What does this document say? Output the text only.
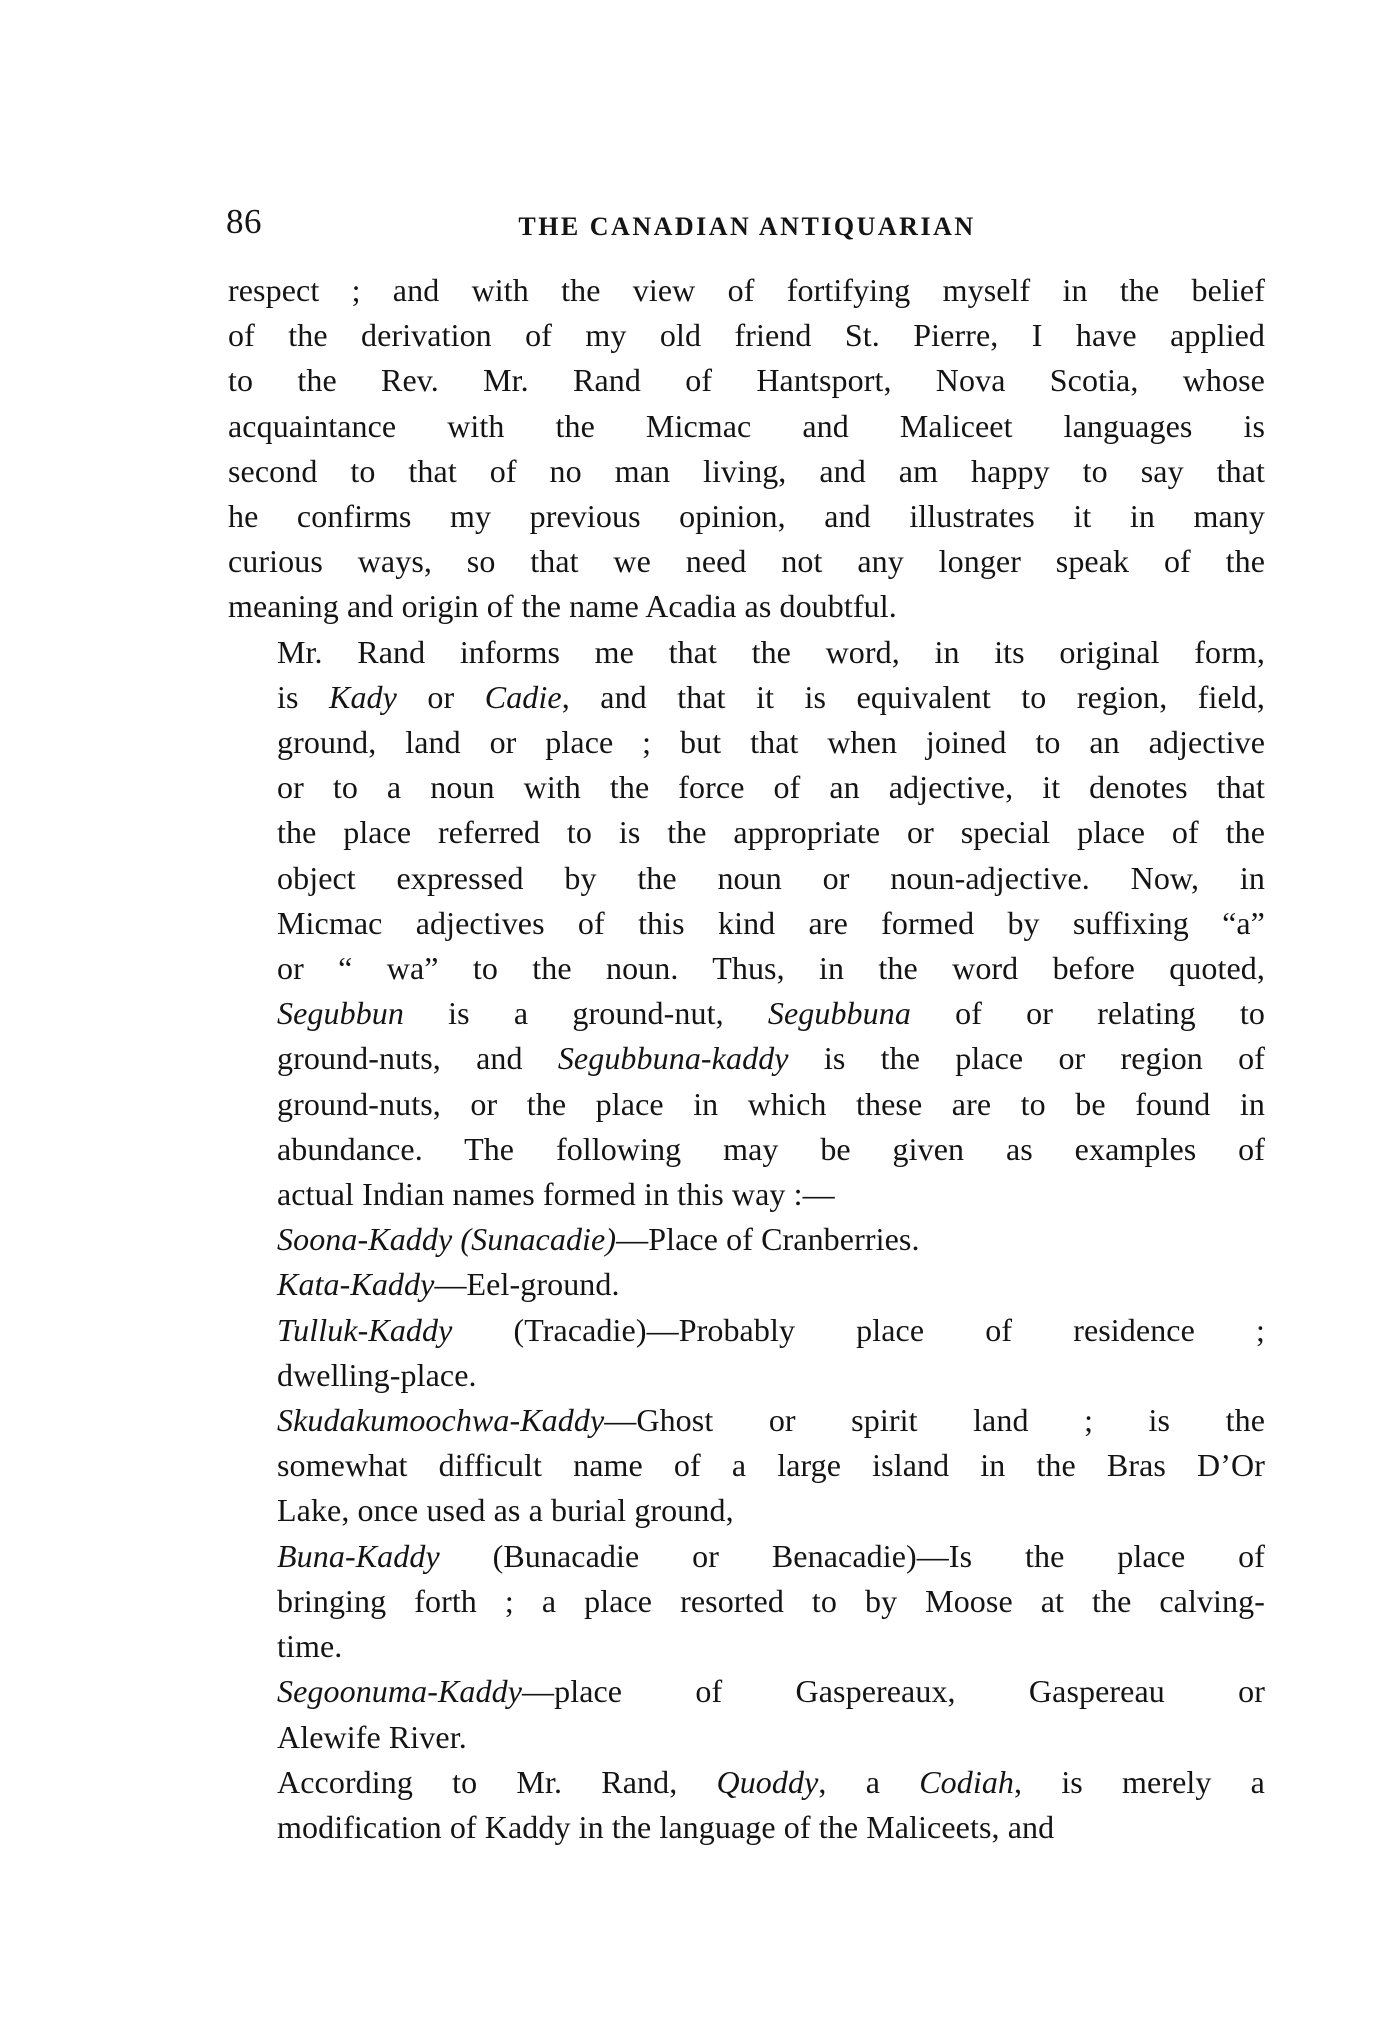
86	THE CANADIAN ANTIQUARIAN
respect ; and with the view of fortifying myself in the belief
of the derivation of my old friend St. Pierre, I have applied
to the Rev. Mr. Rand of Hantsport, Nova Scotia, whose
acquaintance with the Micmac and Maliceet languages is
second to that of no man living, and am happy to say that
he confirms my previous opinion, and illustrates it in many
curious ways, so that we need not any longer speak of the
meaning and origin of the name Acadia as doubtful.
Mr. Rand informs me that the word, in its original form,
is Kady or Cadie, and that it is equivalent to region, field,
ground, land or place ; but that when joined to an adjective
or to a noun with the force of an adjective, it denotes that
the place referred to is the appropriate or special place of the
object expressed by the noun or noun-adjective. Now, in
Micmac adjectives of this kind are formed by suffixing “a”
or “ wa” to the noun. Thus, in the word before quoted,
Segubbun is a ground-nut, Segubbuna of or relating to
ground-nuts, and Segubbuna-kaddy is the place or region of
ground-nuts, or the place in which these are to be found in
abundance. The following may be given as examples of
actual Indian names formed in this way :—
Soona-Kaddy (Sunacadie)—Place of Cranberries.
Kata-Kaddy—Eel-ground.
Tulluk-Kaddy (Tracadie)—Probably place of residence ;
dwelling-place.
Skudakumoochwa-Kaddy—Ghost or spirit land ; is the
somewhat difficult name of a large island in the Bras D’Or
Lake, once used as a burial ground,
Buna-Kaddy (Bunacadie or Benacadie)—Is the place of
bringing forth ; a place resorted to by Moose at the calving-
time.
Segoonuma-Kaddy—place of Gaspereaux, Gaspereau or
Alewife River.
According to Mr. Rand, Quoddy, a Codiah, is merely a
modification of Kaddy in the language of the Maliceets, and
